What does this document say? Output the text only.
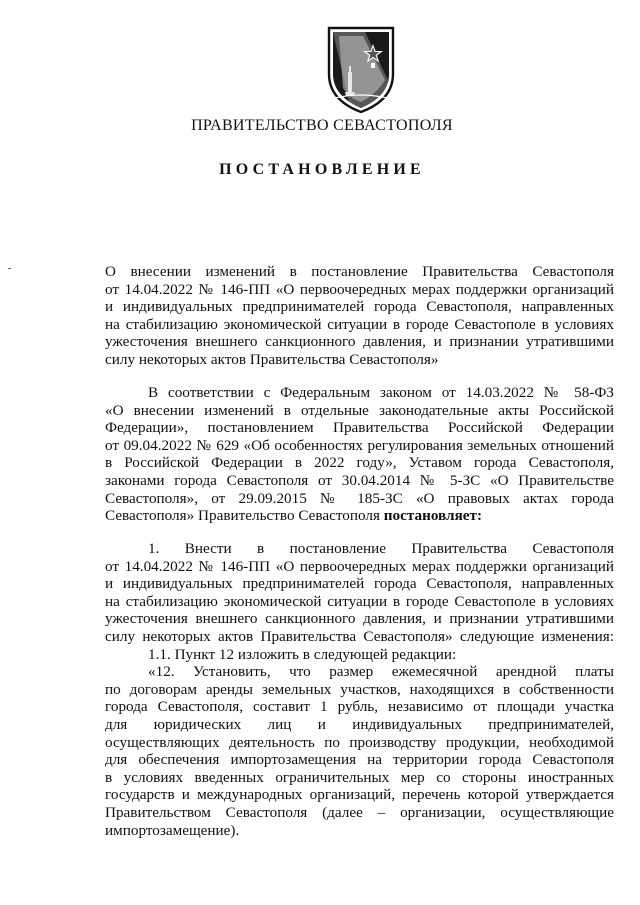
ПРАВИТЕЛЬСТВО СЕВАСТОПОЛЯ
ПОСТАНОВЛЕНИЕ
О внесении изменений в постановление Правительства Севастополя
от 14.04.2022 № 146-ПП «О первоочередных мерах поддержки организаций
и индивидуальных предпринимателей города Севастополя, направленных
на стабилизацию экономической ситуации в городе Севастополе в условиях
ужесточения внешнего санкционного давления, и признании утратившими
силу некоторых актов Правительства Севастополя»
В соответствии с Федеральным законом от 14.03.2022 № 58-ФЗ
«О внесении изменений в отдельные законодательные акты Российской
Федерации», постановлением Правительства Российской Федерации
от 09.04.2022 № 629 «Об особенностях регулирования земельных отношений
в Российской Федерации в 2022 году», Уставом города Севастополя,
законами города Севастополя от 30.04.2014 № 5-ЗС «О Правительстве
Севастополя», от 29.09.2015 № 185-ЗС «О правовых актах города
Севастополя» Правительство Севастополя постановляет:
1. Внести в постановление Правительства Севастополя
от 14.04.2022 № 146-ПП «О первоочередных мерах поддержки организаций
и индивидуальных предпринимателей города Севастополя, направленных
на стабилизацию экономической ситуации в городе Севастополе в условиях
ужесточения внешнего санкционного давления, и признании утратившими
силу некоторых актов Правительства Севастополя» следующие изменения:
1.1. Пункт 12 изложить в следующей редакции:
«12. Установить, что размер ежемесячной арендной платы
по договорам аренды земельных участков, находящихся в собственности
города Севастополя, составит 1 рубль, независимо от площади участка
для юридических лиц и индивидуальных предпринимателей,
осуществляющих деятельность по производству продукции, необходимой
для обеспечения импортозамещения на территории города Севастополя
в условиях введенных ограничительных мер со стороны иностранных
государств и международных организаций, перечень которой утверждается
Правительством Севастополя (далее – организации, осуществляющие
импортозамещение).
